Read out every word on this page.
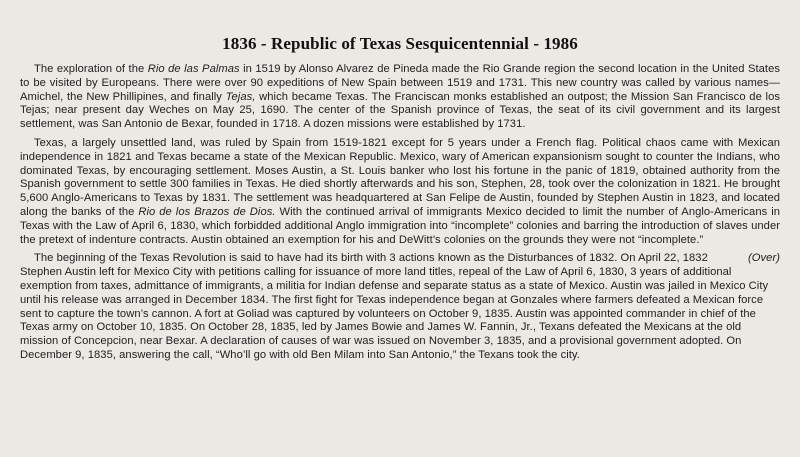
1836 - Republic of Texas Sesquicentennial - 1986

The exploration of the Rio de las Palmas in 1519 by Alonso Alvarez de Pineda made the Rio Grande region the second location in the United States to be visited by Europeans. There were over 90 expeditions of New Spain between 1519 and 1731. This new country was called by various names—Amichel, the New Phillipines, and finally Tejas, which became Texas. The Franciscan monks established an outpost; the Mission San Francisco de los Tejas; near present day Weches on May 25, 1690. The center of the Spanish province of Texas, the seat of its civil government and its largest settlement, was San Antonio de Bexar, founded in 1718. A dozen missions were established by 1731.

Texas, a largely unsettled land, was ruled by Spain from 1519-1821 except for 5 years under a French flag. Political chaos came with Mexican independence in 1821 and Texas became a state of the Mexican Republic. Mexico, wary of American expansionism sought to counter the Indians, who dominated Texas, by encouraging settlement. Moses Austin, a St. Louis banker who lost his fortune in the panic of 1819, obtained authority from the Spanish government to settle 300 families in Texas. He died shortly afterwards and his son, Stephen, 28, took over the colonization in 1821. He brought 5,600 Anglo-Americans to Texas by 1831. The settlement was headquartered at San Felipe de Austin, founded by Stephen Austin in 1823, and located along the banks of the Rio de los Brazos de Dios. With the continued arrival of immigrants Mexico decided to limit the number of Anglo-Americans in Texas with the Law of April 6, 1830, which forbidded additional Anglo immigration into “incomplete” colonies and barring the introduction of slaves under the pretext of indenture contracts. Austin obtained an exemption for his and DeWitt’s colonies on the grounds they were not “incomplete.”

(Over)
The beginning of the Texas Revolution is said to have had its birth with 3 actions known as the Disturbances of 1832. On April 22, 1832 Stephen Austin left for Mexico City with petitions calling for issuance of more land titles, repeal of the Law of April 6, 1830, 3 years of additional exemption from taxes, admittance of immigrants, a militia for Indian defense and separate status as a state of Mexico. Austin was jailed in Mexico City until his release was arranged in December 1834. The first fight for Texas independence began at Gonzales where farmers defeated a Mexican force sent to capture the town’s cannon. A fort at Goliad was captured by volunteers on October 9, 1835. Austin was appointed commander in chief of the Texas army on October 10, 1835. On October 28, 1835, led by James Bowie and James W. Fannin, Jr., Texans defeated the Mexicans at the old mission of Concepcion, near Bexar. A declaration of causes of war was issued on November 3, 1835, and a provisional government adopted. On December 9, 1835, answering the call, “Who’ll go with old Ben Milam into San Antonio,” the Texans took the city.
